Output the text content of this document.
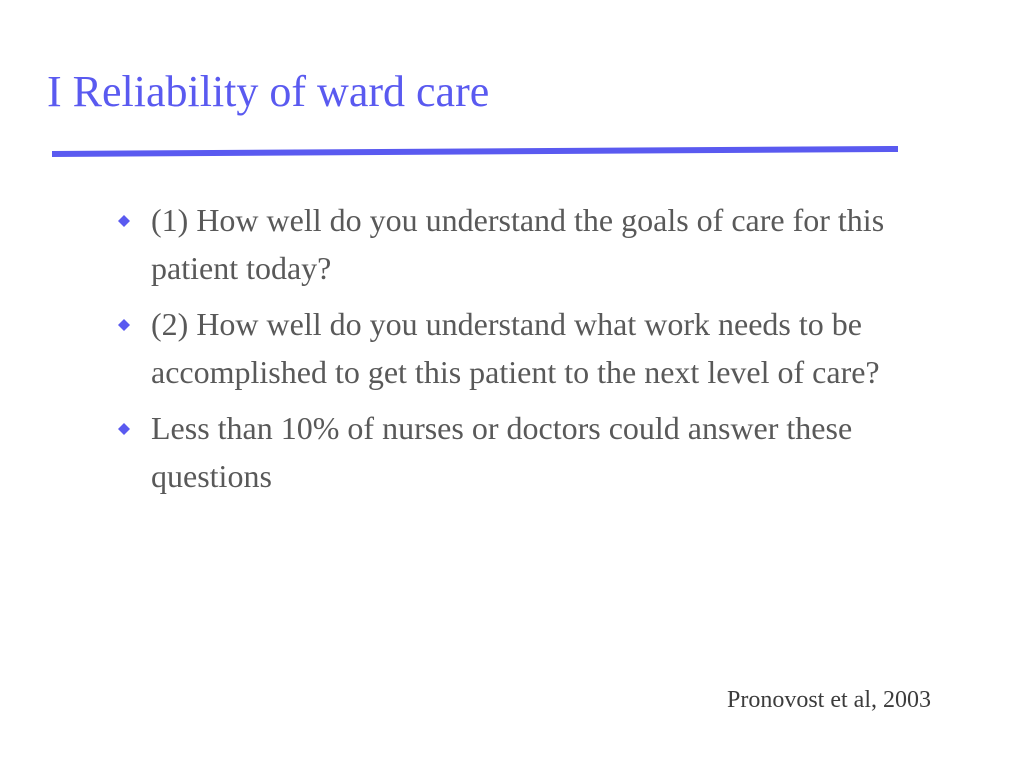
I Reliability of ward care
(1) How well do you understand the goals of care for this patient today?
(2) How well do you understand what work needs to be accomplished to get this patient to the next level of care?
Less than 10% of nurses or doctors could answer these questions
Pronovost et al, 2003
